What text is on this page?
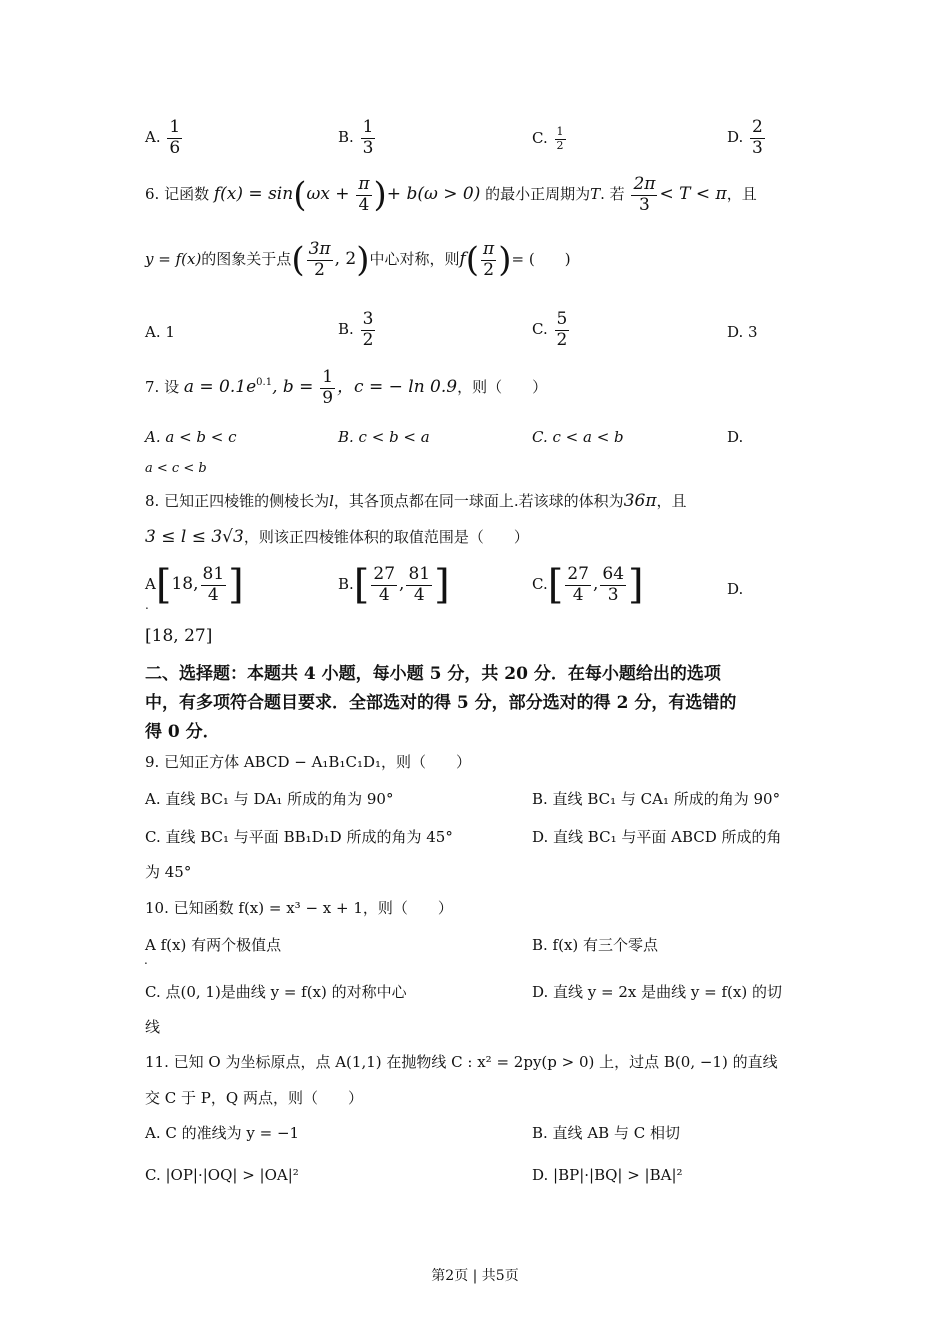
A. $\frac{1}{6}$	B. $\frac{1}{3}$	C. $\frac{1}{2}$	D. $\frac{2}{3}$
6. 记函数 $f(x) = \sin(\omega x + \frac{\pi}{4}$ )+ b(ω > 0) 的最小正周期为T. 若 $\frac{2\pi}{3} < T < \pi$，且
y = f(x)的图象关于点( $\frac{3\pi}{2}$ , 2)中心对称，则$f( \frac{\pi}{2}$ )= (　　)
A. 1	B. $\frac{3}{2}$	C. $\frac{5}{2}$	D. 3
7. 设 $a = 0.1e^{0.1}$, $b = \frac{1}{9}$ ，c = − ln 0.9，则（　　）
A. a < b < c	B. c < b < a	C. c < a < b	D.
a < c < b
8. 已知正四棱锥的侧棱长为l，其各顶点都在同一球面上.若该球的体积为36π，且
3 ≤ l ≤ 3√3，则该正四棱锥体积的取值范围是（　　）
A[18, $\frac{81}{4}$ ]
.
$B.[ \frac{27}{4}$ , $\frac{81}{4}$ ]	$C.[ \frac{27}{4}$ , $\frac{64}{3}$ ]	D.
[18, 27]
二、选择题：本题共 4 小题，每小题 5 分，共 20 分．在每小题给出的选项
中，有多项符合题目要求．全部选对的得 5 分，部分选对的得 2 分，有选错的
得 0 分．
9. 已知正方体 ABCD − A₁B₁C₁D₁，则（　　）
A. 直线 BC₁ 与 DA₁ 所成的角为 90°	B. 直线 BC₁ 与 CA₁ 所成的角为 90°
C. 直线 BC₁ 与平面 BB₁D₁D 所成的角为 45°	D. 直线 BC₁ 与平面 ABCD 所成的角
为 45°
10. 已知函数 f(x) = x³ − x + 1，则（　　）
A f(x) 有两个极值点
.
B. f(x) 有三个零点
C. 点(0, 1)是曲线 y = f(x) 的对称中心	D. 直线 y = 2x 是曲线 y = f(x) 的切
线
11. 已知 O 为坐标原点，点 A(1,1) 在抛物线 C : x² = 2py(p > 0) 上，过点 B(0, −1) 的直线
交 C 于 P，Q 两点，则（　　）
A. C 的准线为 y = −1	B. 直线 AB 与 C 相切
C. |OP|·|OQ| > |OA|²	D. |BP|·|BQ| > |BA|²
第2页 | 共5页
